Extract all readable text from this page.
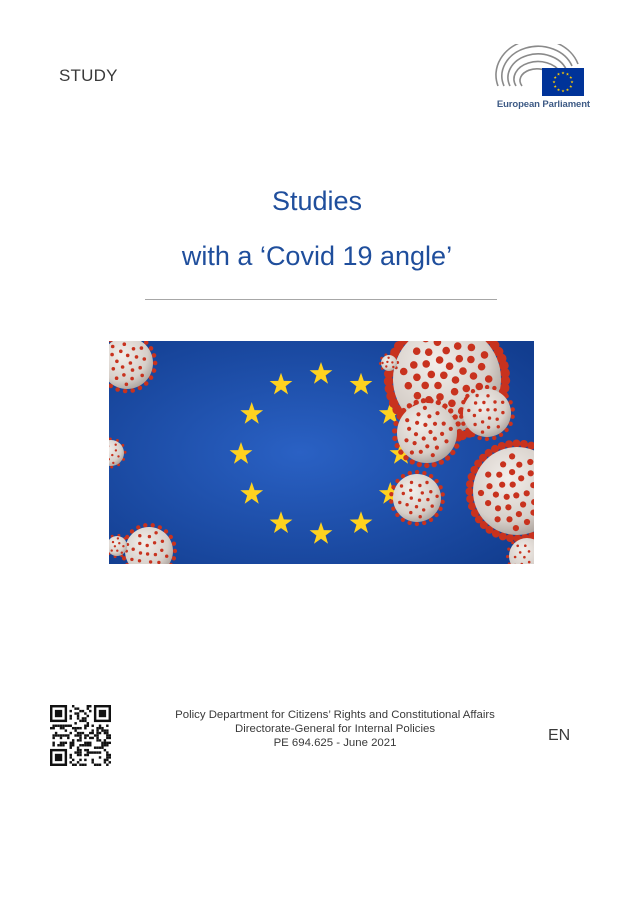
STUDY
European Parliament
Studies
with a ‘Covid 19 angle’
Policy Department for Citizens’ Rights and Constitutional Affairs
Directorate-General for Internal Policies
PE 694.625 - June 2021	EN
